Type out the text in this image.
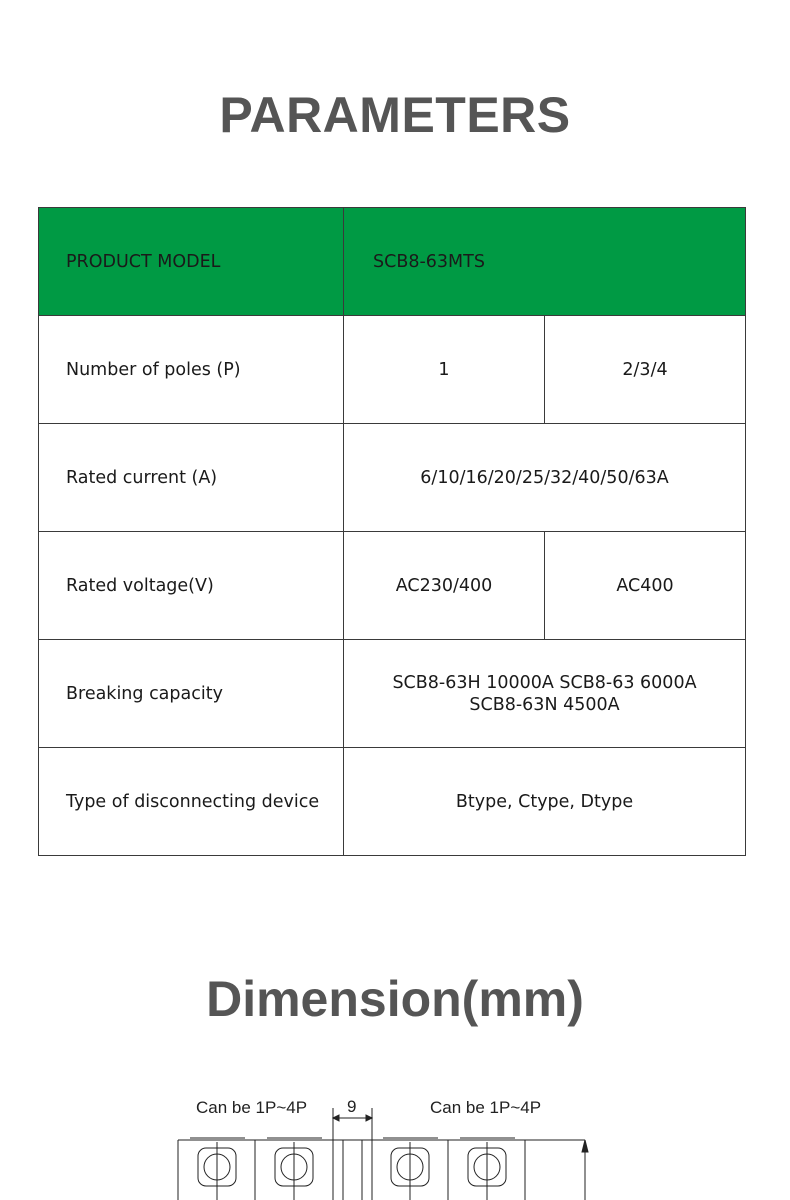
PARAMETERS
PRODUCT MODEL	SCB8-63MTS	
Number of poles (P)	1	2/3/4
Rated current (A)	6/10/16/20/25/32/40/50/63A	
Rated voltage(V)	AC230/400	AC400
Breaking capacity	SCB8-63H 10000A SCB8-63 6000A
SCB8-63N 4500A	
Type of disconnecting device	Btype, Ctype, Dtype	
Dimension(mm)
Can be 1P~4P 9	Can be 1P~4P
